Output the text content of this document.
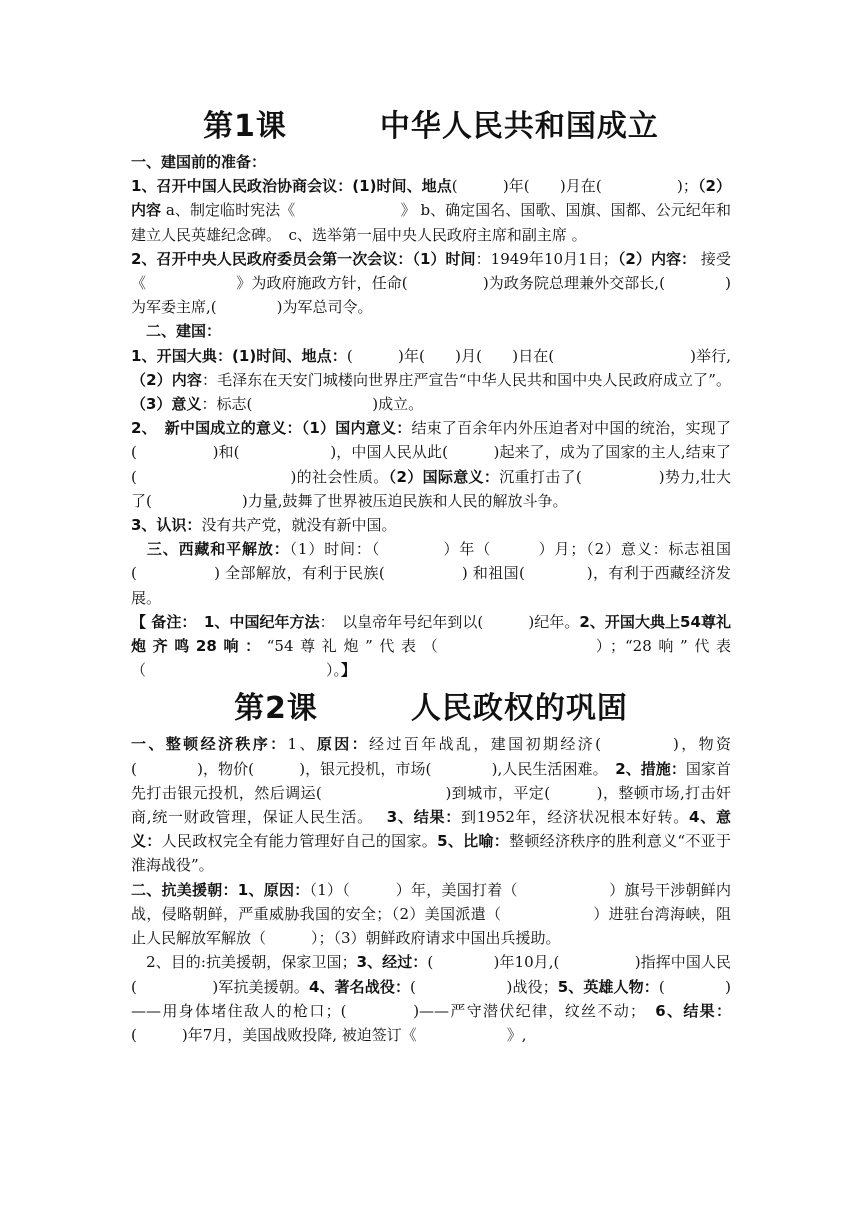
第1课　　　中华人民共和国成立

一、建国前的准备：

1、召开中国人民政治协商会议：(1)时间、地点(　　　)年(　　)月在(　　　　　)；（2）内容 a、制定临时宪法《　　　　　　　》 b、确定国名、国歌、国旗、国都、公元纪年和建立人民英雄纪念碑。　c、选举第一届中央人民政府主席和副主席 。

2、召开中央人民政府委员会第一次会议：（1）时间：1949年10月1日；（2）内容： 接受《　　　　　　》为政府施政方针，任命(　　　　　)为政务院总理兼外交部长,(　　　　)为军委主席,(　　　　)为军总司令。

　二、建国：

1、开国大典：(1)时间、地点：(　　　)年(　　)月(　　)日在(　　　　　　　　　)举行, （2）内容：毛泽东在天安门城楼向世界庄严宣告“中华人民共和国中央人民政府成立了”。（3）意义：标志(　　　　　　　　)成立。

2、　新中国成立的意义：（1）国内意义：结束了百余年内外压迫者对中国的统治，实现了(　　　　　)和(　　　　　　)，中国人民从此(　　　)起来了，成为了国家的主人,结束了(　　　　　　　　　　)的社会性质。（2）国际意义：沉重打击了(　　　　　)势力,壮大了(　　　　　　)力量,鼓舞了世界被压迫民族和人民的解放斗争。

3、认识：没有共产党，就没有新中国。

　三、西藏和平解放：（1）时间：（　　　　）年（　　　）月；（2）意义：标志祖国(　　　　　) 全部解放，有利于民族(　　　　　) 和祖国(　　　　)，有利于西藏经济发展。

【 备注：　1、中国纪年方法：　以皇帝年号纪年到以(　　　)纪年。2、开国大典上54尊礼炮齐鸣28响：“54尊礼炮”代表（　　　　　　　）；“28响”代表（　　　　　　　　　　　　）。】

第2课　　　人民政权的巩固

一、整顿经济秩序：1、原因：经过百年战乱，建国初期经济(　　　　)，物资(　　　　)，物价(　　　)，银元投机，市场(　　　　),人民生活困难。　2、措施：国家首先打击银元投机，然后调运(　　　　　　　　)到城市，平定(　　　)，整顿市场,打击奸商,统一财政管理，保证人民生活。　 3、结果：到1952年，经济状况根本好转。4、意义：人民政权完全有能力管理好自己的国家。5、比喻：整顿经济秩序的胜利意义“不亚于淮海战役”。

二、抗美援朝：1、原因：（1）（　　　）年，美国打着（　　　　　　）旗号干涉朝鲜内战，侵略朝鲜，严重威胁我国的安全；（2）美国派遣（　　　　　　）进驻台湾海峡，阻止人民解放军解放（　　　）；（3）朝鲜政府请求中国出兵援助。

　2、目的:抗美援朝，保家卫国；3、经过：(　　　　)年10月,(　　　　　)指挥中国人民(　　　　　)军抗美援朝。4、著名战役：(　　　　　　)战役；5、英雄人物：(　　　　)——用身体堵住敌人的枪口；(　　　　)——严守潜伏纪律，纹丝不动；　6、结果：(　　　)年7月，美国战败投降, 被迫签订《　　　　　　》,
